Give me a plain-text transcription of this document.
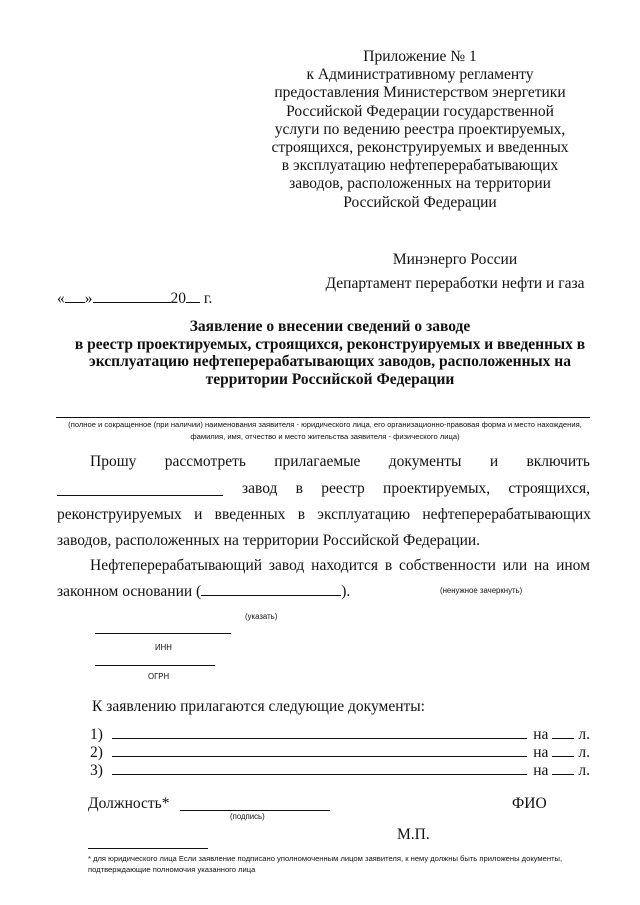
Приложение № 1
к Административному регламенту
предоставления Министерством энергетики
Российской Федерации государственной
услуги по ведению реестра проектируемых,
строящихся, реконструируемых и введенных
в эксплуатацию нефтеперерабатывающих
заводов, расположенных на территории
Российской Федерации
Минэнерго России
Департамент переработки нефти и газа
« »	20 г.
Заявление о внесении сведений о заводе
в реестр проектируемых, строящихся, реконструируемых и введенных в
эксплуатацию нефтеперерабатывающих заводов, расположенных на
территории Российской Федерации
(полное и сокращенное (при наличии) наименования заявителя - юридического лица, его организационно-правовая форма и место нахождения,
фамилия, имя, отчество и место жительства заявителя - физического лица)
Прошу рассмотреть прилагаемые документы и включить
завод в реестр проектируемых, строящихся,
реконструируемых и введенных в эксплуатацию нефтеперерабатывающих
заводов, расположенных на территории Российской Федерации.
Нефтеперерабатывающий завод находится в собственности или на ином
законном основании (	).	(ненужное зачеркнуть)
(указать)
ИНН
ОГРН
К заявлению прилагаются следующие документы:
1)	на л.
2)	на л.
3)	на л.
Должность*
(подпись)
ФИО
М.П.
* для юридического лица Если заявление подписано уполномоченным лицом заявителя, к нему должны быть приложены документы,
подтверждающие полномочия указанного лица
